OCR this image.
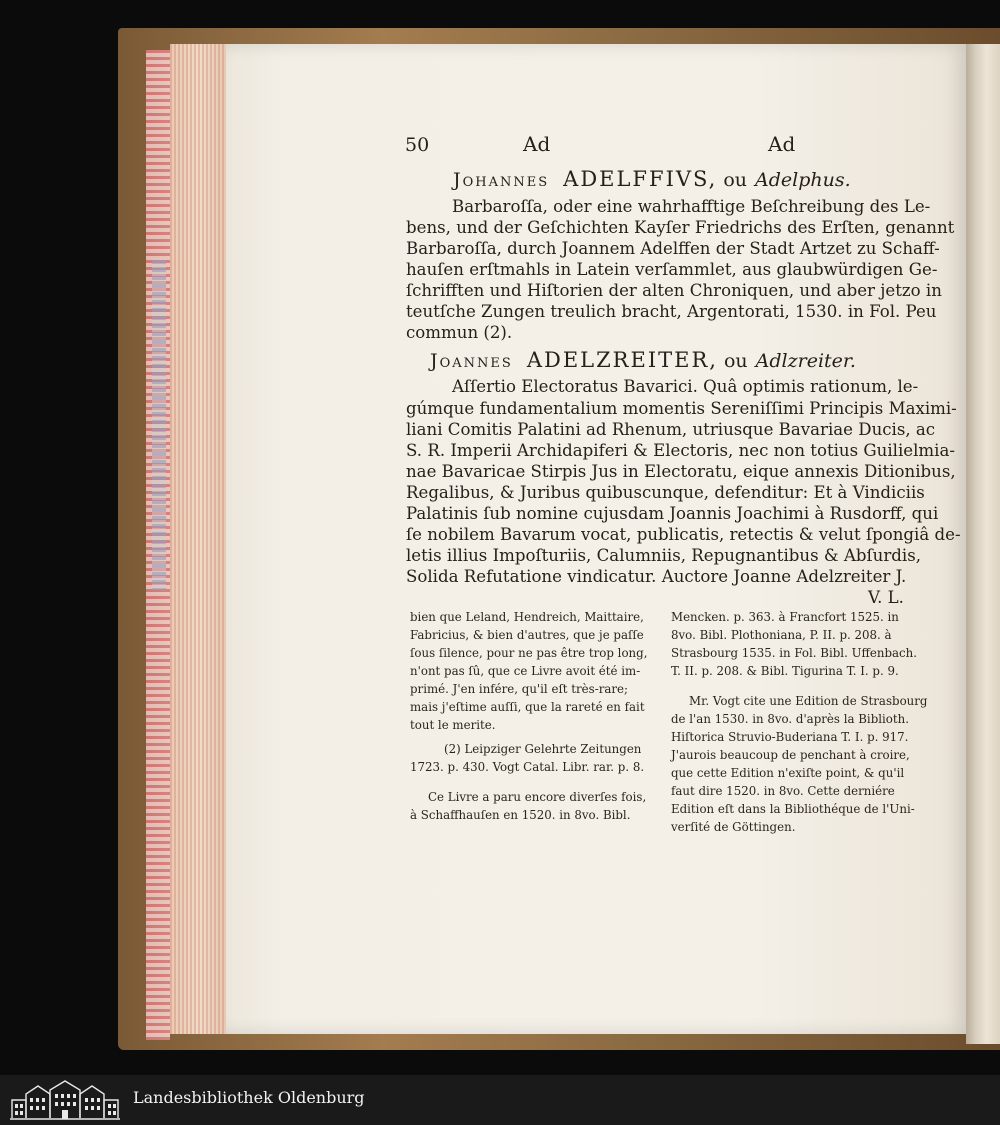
50	Ad	Ad
Johannes ADELFFIVS, ou Adelphus.
Barbaroſſa, oder eine wahrhafftige Beſchreibung des Le-
bens, und der Geſchichten Kayſer Friedrichs des Erſten, genannt
Barbaroſſa, durch Joannem Adelffen der Stadt Artzet zu Schaff-
hauſen erſtmahls in Latein verſammlet, aus glaubwürdigen Ge-
ſchrifften und Hiſtorien der alten Chroniquen, und aber jetzo in
teutſche Zungen treulich bracht, Argentorati, 1530. in Fol. Peu
commun (2).
Joannes ADELZREITER, ou Adlzreiter.
Aſſertio Electoratus Bavarici. Quâ optimis rationum, le-
gúmque fundamentalium momentis Sereniſſimi Principis Maximi-
liani Comitis Palatini ad Rhenum, utriusque Bavariae Ducis, ac
S. R. Imperii Archidapiferi & Electoris, nec non totius Guilielmia-
nae Bavaricae Stirpis Jus in Electoratu, eique annexis Ditionibus,
Regalibus, & Juribus quibuscunque, defenditur: Et à Vindiciis
Palatinis ſub nomine cujusdam Joannis Joachimi à Rusdorff, qui
ſe nobilem Bavarum vocat, publicatis, retectis & velut ſpongiâ de-
letis illius Impoſturiis, Calumniis, Repugnantibus & Abſurdis,
Solida Refutatione vindicatur. Auctore Joanne Adelzreiter J.
V. L.
bien que Leland, Hendreich, Maittaire,
Fabricius, & bien d'autres, que je paſſe
ſous ſilence, pour ne pas être trop long,
n'ont pas ſû, que ce Livre avoit été im-
primé. J'en infére, qu'il eſt très-rare;
mais j'eſtime auſſi, que la rareté en fait
tout le merite.
(2) Leipziger Gelehrte Zeitungen
1723. p. 430. Vogt Catal. Libr. rar. p. 8.
Ce Livre a paru encore diverſes fois,
à Schaffhauſen en 1520. in 8vo. Bibl.
Mencken. p. 363. à Francfort 1525. in
8vo. Bibl. Plothoniana, P. II. p. 208. à
Strasbourg 1535. in Fol. Bibl. Uffenbach.
T. II. p. 208. & Bibl. Tigurina T. I. p. 9.
Mr. Vogt cite une Edition de Strasbourg
de l'an 1530. in 8vo. d'après la Biblioth.
Hiſtorica Struvio-Buderiana T. I. p. 917.
J'aurois beaucoup de penchant à croire,
que cette Edition n'exiſte point, & qu'il
faut dire 1520. in 8vo. Cette derniére
Edition eſt dans la Bibliothéque de l'Uni-
verſité de Göttingen.
Landesbibliothek Oldenburg
